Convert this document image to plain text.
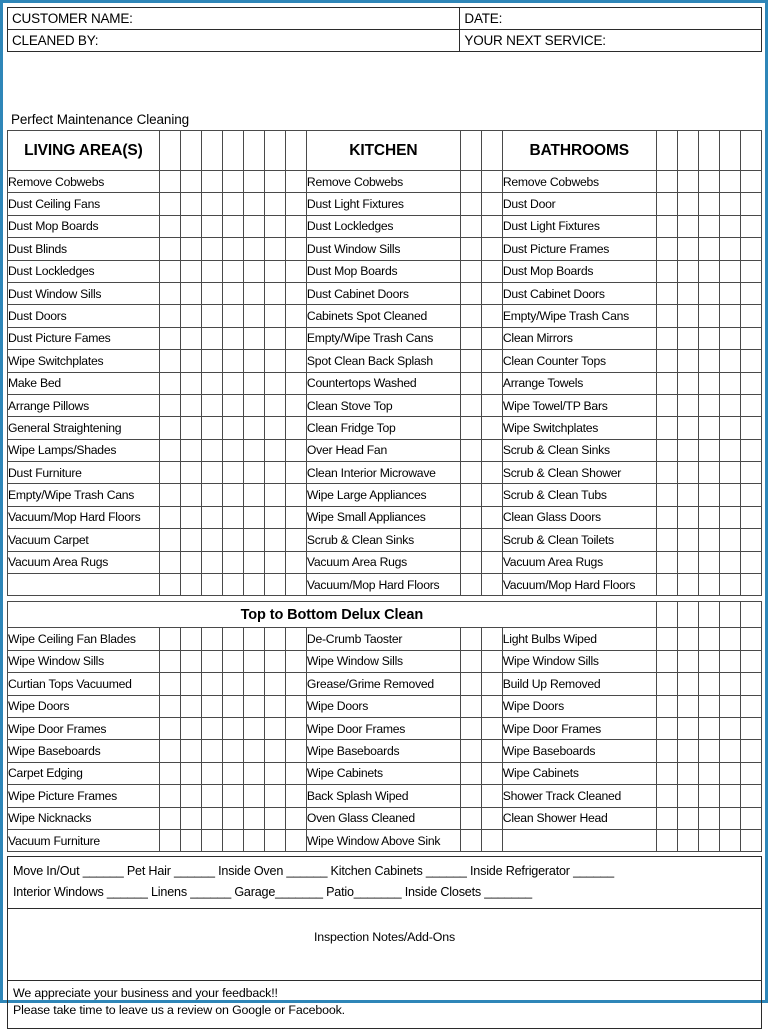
CUSTOMER NAME:	DATE:
CLEANED BY:	YOUR NEXT SERVICE:
Perfect Maintenance Cleaning
LIVING AREA(S)								KITCHEN			BATHROOMS					
Remove Cobwebs								Remove Cobwebs			Remove Cobwebs					
Dust Ceiling Fans								Dust Light Fixtures			Dust Door					
Dust Mop Boards								Dust Lockledges			Dust Light Fixtures					
Dust Blinds								Dust Window Sills			Dust Picture Frames					
Dust Lockledges								Dust Mop Boards			Dust Mop Boards					
Dust Window Sills								Dust Cabinet Doors			Dust Cabinet Doors					
Dust Doors								Cabinets Spot Cleaned			Empty/Wipe Trash Cans					
Dust Picture Fames								Empty/Wipe Trash Cans			Clean Mirrors					
Wipe Switchplates								Spot Clean Back Splash			Clean Counter Tops					
Make Bed								Countertops Washed			Arrange Towels					
Arrange Pillows								Clean Stove Top			Wipe Towel/TP Bars					
General Straightening								Clean Fridge Top			Wipe Switchplates					
Wipe Lamps/Shades								Over Head Fan			Scrub & Clean Sinks					
Dust Furniture								Clean Interior Microwave			Scrub & Clean Shower					
Empty/Wipe Trash Cans								Wipe Large Appliances			Scrub & Clean Tubs					
Vacuum/Mop Hard Floors								Wipe Small Appliances			Clean Glass Doors					
Vacuum Carpet								Scrub & Clean Sinks			Scrub & Clean Toilets					
Vacuum Area Rugs								Vacuum Area Rugs			Vacuum Area Rugs					
								Vacuum/Mop Hard Floors			Vacuum/Mop Hard Floors					
Top to Bottom Delux Clean																
Wipe Ceiling Fan Blades								De-Crumb Taoster			Light Bulbs Wiped					
Wipe Window Sills								Wipe Window Sills			Wipe Window Sills					
Curtian Tops Vacuumed								Grease/Grime Removed			Build Up Removed					
Wipe Doors								Wipe Doors			Wipe Doors					
Wipe Door Frames								Wipe Door Frames			Wipe Door Frames					
Wipe Baseboards								Wipe Baseboards			Wipe Baseboards					
Carpet Edging								Wipe Cabinets			Wipe Cabinets					
Wipe Picture Frames								Back Splash Wiped			Shower Track Cleaned					
Wipe Nicknacks								Oven Glass Cleaned			Clean Shower Head					
Vacuum Furniture								Wipe Window Above Sink								
Move In/Out ______ Pet Hair ______ Inside Oven ______ Kitchen Cabinets ______ Inside Refrigerator ______
Interior Windows ______ Linens ______ Garage_______ Patio_______ Inside Closets _______

Inspection Notes/Add-Ons

We appreciate your business and your feedback!!
Please take time to leave us a review on Google or Facebook.
